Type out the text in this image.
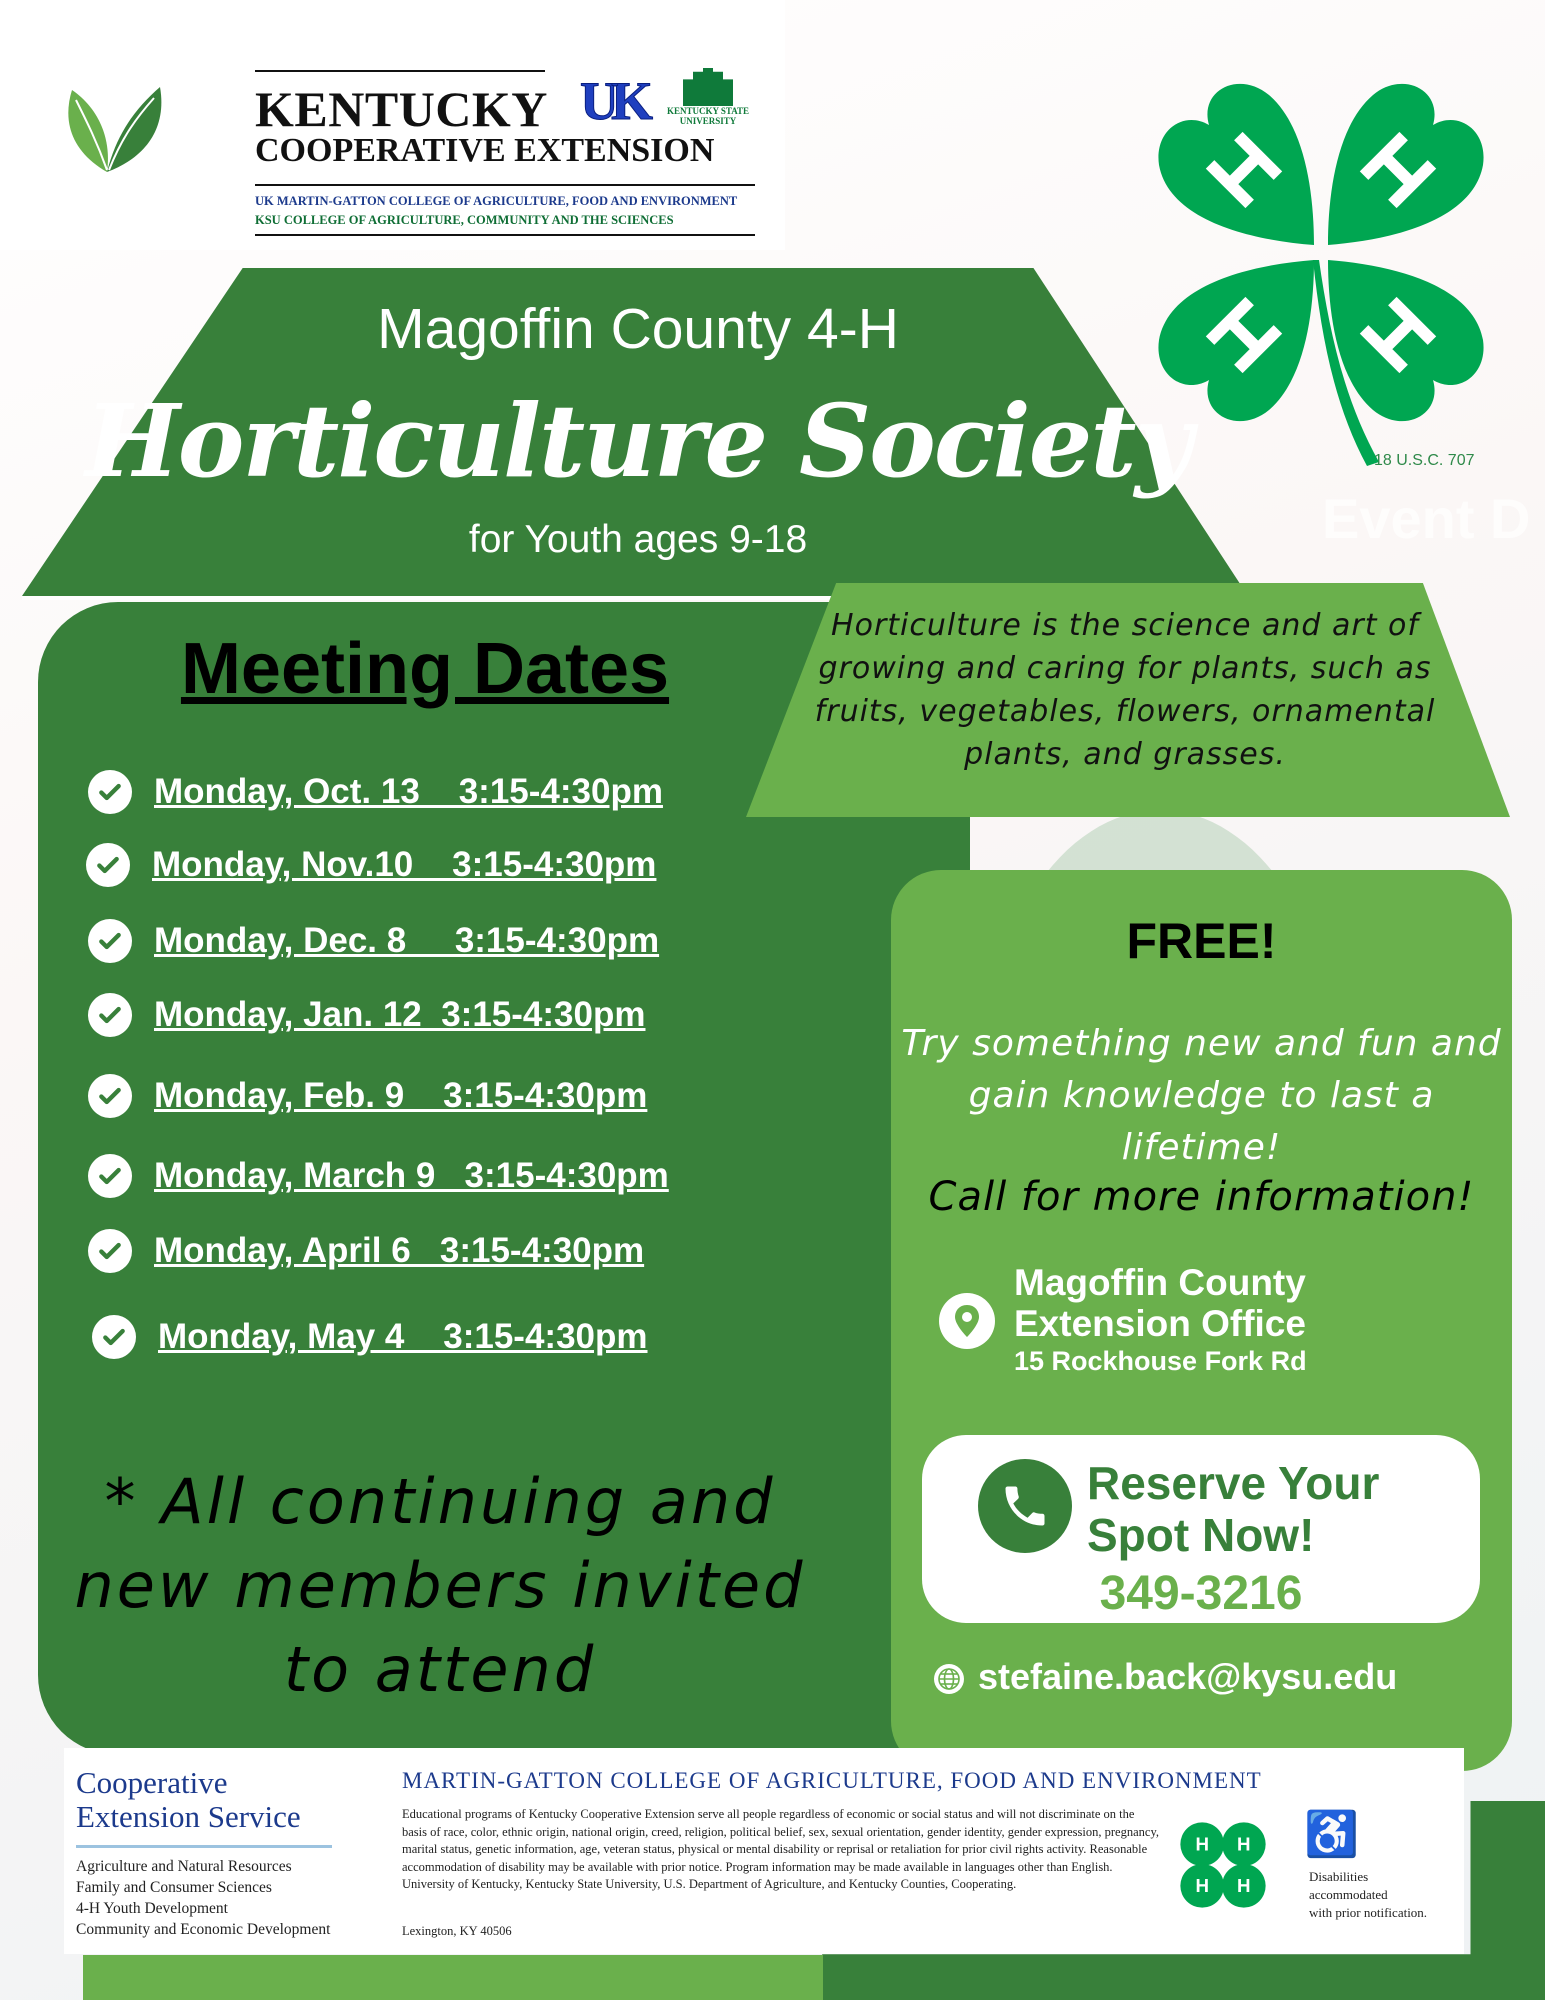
KENTUCKY UK	KENTUCKY STATE UNIVERSITY
COOPERATIVE EXTENSION
UK MARTIN-GATTON COLLEGE OF AGRICULTURE, FOOD AND ENVIRONMENT
KSU COLLEGE OF AGRICULTURE, COMMUNITY AND THE SCIENCES
18 U.S.C. 707
Event D
Magoffin County 4-H
Horticulture Society
for Youth ages 9-18
Horticulture is the science and art of growing and caring for plants, such as fruits, vegetables, flowers, ornamental plants, and grasses.
Meeting Dates
Monday, Oct. 13    3:15-4:30pm
Monday, Nov.10    3:15-4:30pm
Monday, Dec. 8     3:15-4:30pm
Monday, Jan. 12  3:15-4:30pm
Monday, Feb. 9    3:15-4:30pm
Monday, March 9   3:15-4:30pm
Monday, April 6   3:15-4:30pm
Monday, May 4    3:15-4:30pm
* All continuing and new members invited to attend
FREE!
Try something new and fun and gain knowledge to last a lifetime!
Call for more information!
Magoffin County
Extension Office
15 Rockhouse Fork Rd
Reserve Your
Spot Now!
349-3216
stefaine.back@kysu.edu
Cooperative
Extension Service
Agriculture and Natural Resources
Family and Consumer Sciences
4-H Youth Development
Community and Economic Development
MARTIN-GATTON COLLEGE OF AGRICULTURE, FOOD AND ENVIRONMENT
Educational programs of Kentucky Cooperative Extension serve all people regardless of economic or social status and will not discriminate on the basis of race, color, ethnic origin, national origin, creed, religion, political belief, sex, sexual orientation, gender identity, gender expression, pregnancy, marital status, genetic information, age, veteran status, physical or mental disability or reprisal or retaliation for prior civil rights activity. Reasonable accommodation of disability may be available with prior notice. Program information may be made available in languages other than English. University of Kentucky, Kentucky State University, U.S. Department of Agriculture, and Kentucky Counties, Cooperating.
Lexington, KY 40506
H H
H H
♿
Disabilities
accommodated
with prior notification.
